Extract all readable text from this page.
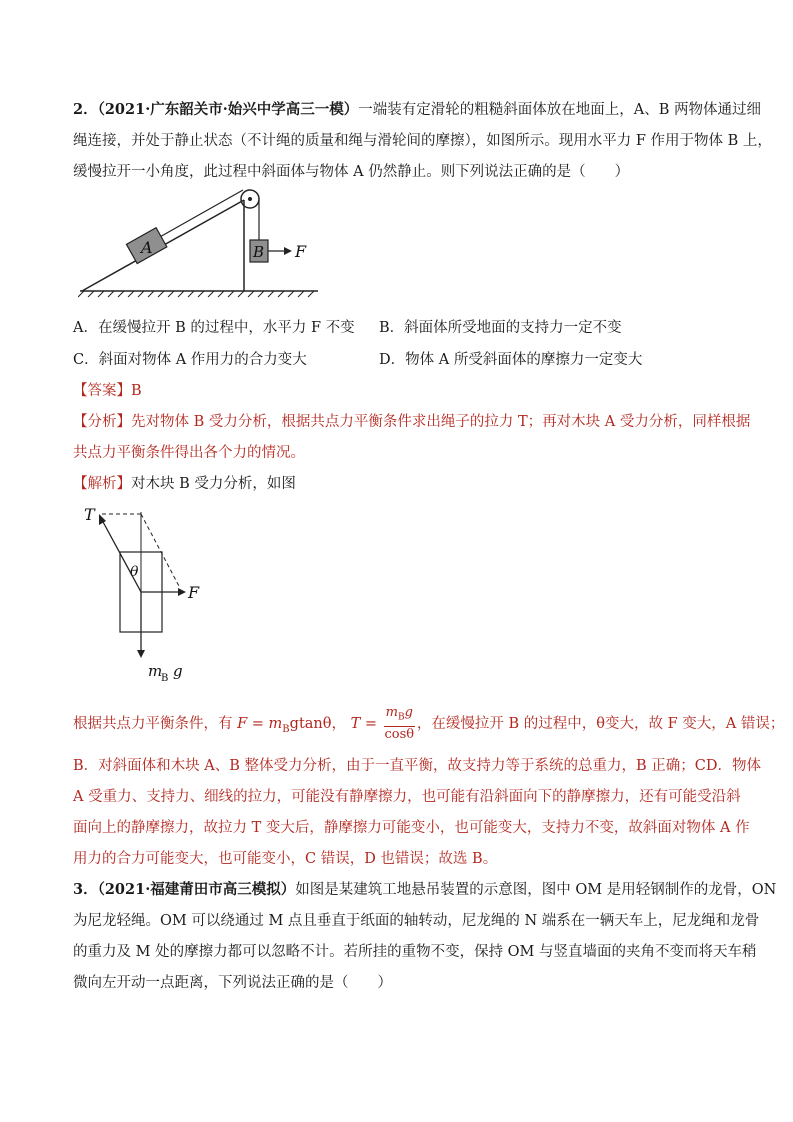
2．（2021·广东韶关市·始兴中学高三一模）一端装有定滑轮的粗糙斜面体放在地面上，A、B 两物体通过细
绳连接，并处于静止状态（不计绳的质量和绳与滑轮间的摩擦），如图所示。现用水平力 F 作用于物体 B 上，
缓慢拉开一小角度，此过程中斜面体与物体 A 仍然静止。则下列说法正确的是（　　）
A	B F
A．在缓慢拉开 B 的过程中，水平力 F 不变 B．斜面体所受地面的支持力一定不变
C．斜面对物体 A 作用力的合力变大	D．物体 A 所受斜面体的摩擦力一定变大
【答案】B
【分析】先对物体 B 受力分析，根据共点力平衡条件求出绳子的拉力 T；再对木块 A 受力分析，同样根据
共点力平衡条件得出各个力的情况。
【解析】对木块 B 受力分析，如图
T
θ
F
m
B g
根据共点力平衡条件，有 $F = m_Bgtan\theta$， $T = \frac{m_Bg}{\cos\theta}$ ，在缓慢拉开 B 的过程中，θ变大，故 F 变大，A 错误；
B．对斜面体和木块 A、B 整体受力分析，由于一直平衡，故支持力等于系统的总重力，B 正确；CD．物体
A 受重力、支持力、细线的拉力，可能没有静摩擦力，也可能有沿斜面向下的静摩擦力，还有可能受沿斜
面向上的静摩擦力，故拉力 T 变大后，静摩擦力可能变小，也可能变大，支持力不变，故斜面对物体 A 作
用力的合力可能变大，也可能变小，C 错误，D 也错误；故选 B。
3．（2021·福建莆田市高三模拟）如图是某建筑工地悬吊装置的示意图，图中 OM 是用轻钢制作的龙骨，ON
为尼龙轻绳。OM 可以绕通过 M 点且垂直于纸面的轴转动，尼龙绳的 N 端系在一辆天车上，尼龙绳和龙骨
的重力及 M 处的摩擦力都可以忽略不计。若所挂的重物不变，保持 OM 与竖直墙面的夹角不变而将天车稍
微向左开动一点距离，下列说法正确的是（　　）
